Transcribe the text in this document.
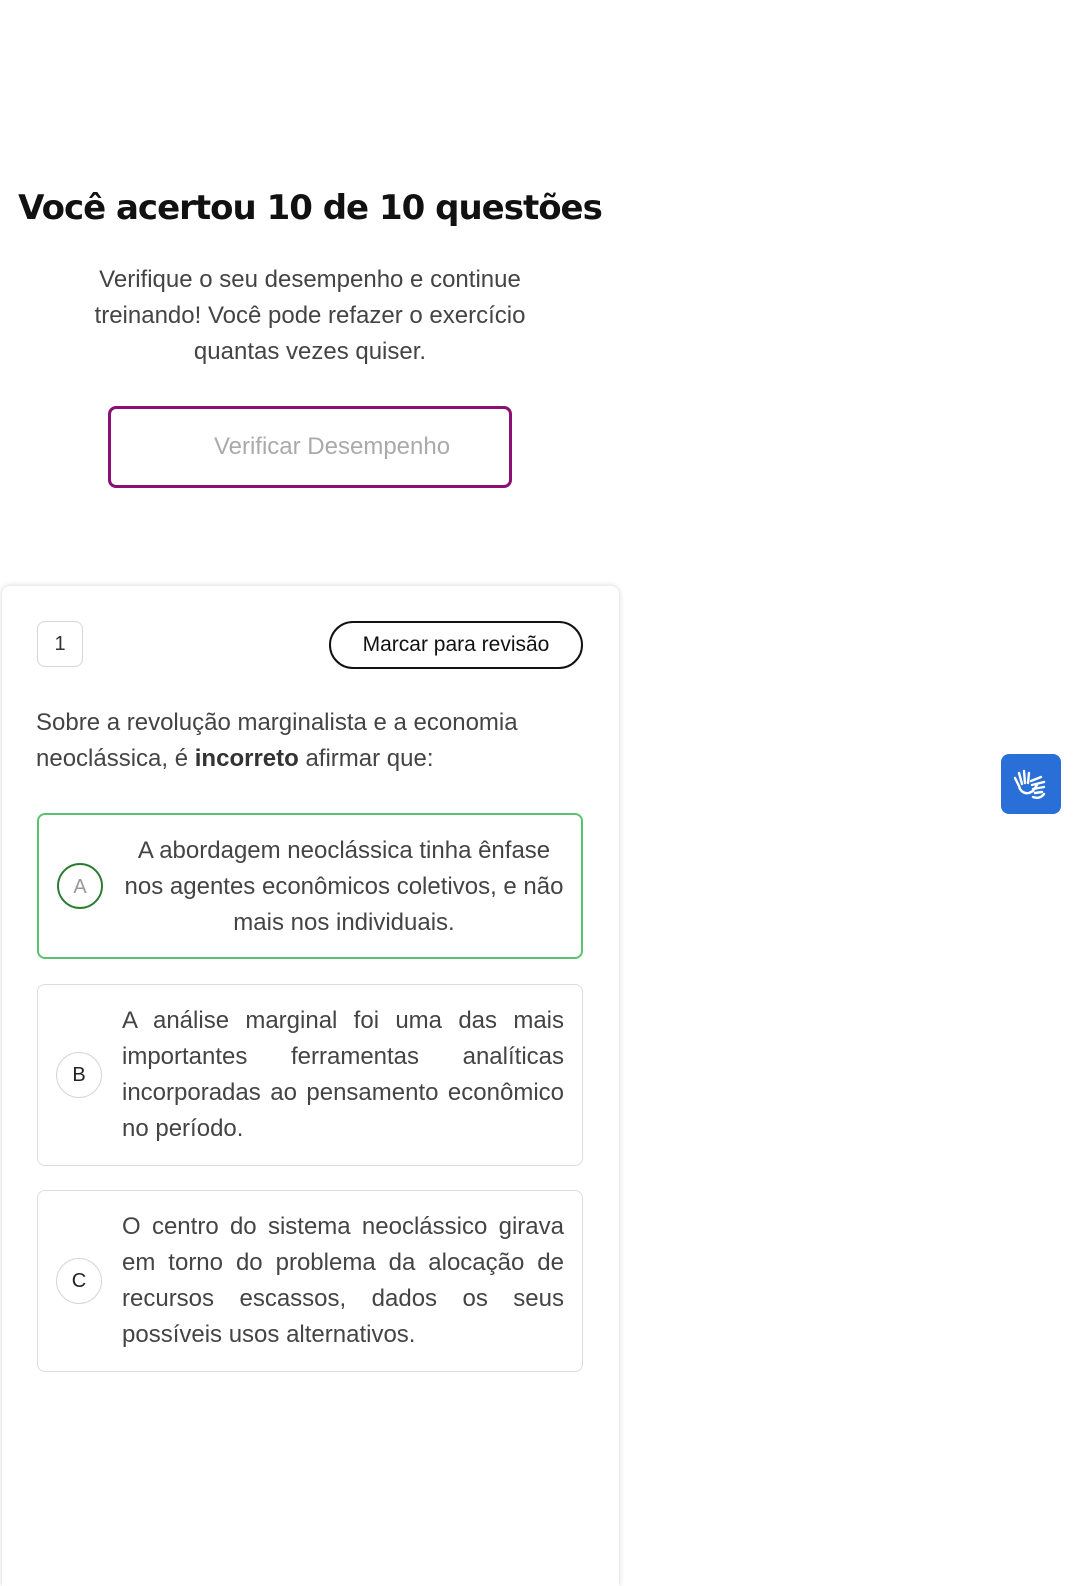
Você acertou 10 de 10 questões

Verifique o seu desempenho e continue treinando! Você pode refazer o exercício quantas vezes quiser.

Verificar Desempenho
1	Marcar para revisão

Sobre a revolução marginalista e a economia neoclássica, é incorreto afirmar que:

A
A abordagem neoclássica tinha ênfase nos agentes econômicos coletivos, e não mais nos individuais.
B
A análise marginal foi uma das mais importantes ferramentas analíticas incorporadas ao pensamento econômico no período.
C
O centro do sistema neoclássico girava em torno do problema da alocação de recursos escassos, dados os seus possíveis usos alternativos.
